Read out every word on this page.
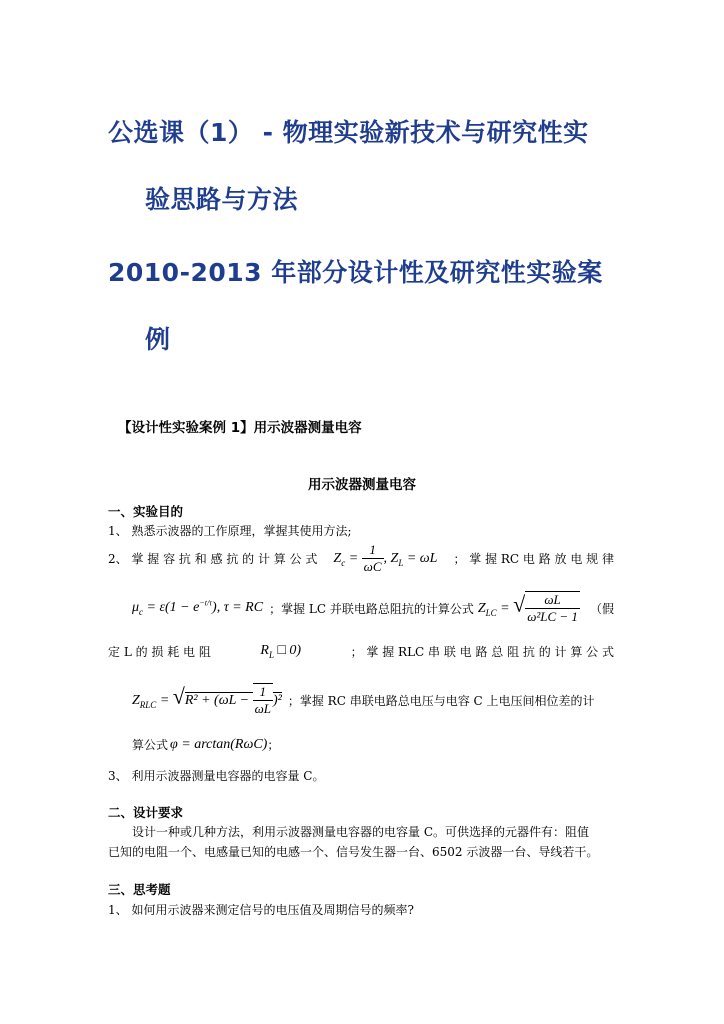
公选课（1） - 物理实验新技术与研究性实
验思路与方法
2010-2013 年部分设计性及研究性实验案
例
【设计性实验案例 1】用示波器测量电容
用示波器测量电容
一、实验目的
1、 熟悉示波器的工作原理，掌握其使用方法;
2、 掌 握 容 抗 和 感 抗 的 计 算 公 式 $Z_c = \frac{1}{\omega C}$ , $Z_L = \omega L$ ； 掌 握 RC 电 路 放 电 规 律
$\mu_c = \varepsilon(1 - e^{-t/\tau})$, τ = RC ；掌握 LC 并联电路总阻抗的计算公式 $Z_{LC}$ = √ $\frac{\omega L}{\text{ω²LC − 1}}$ （假
定 L 的 损 耗 电 阻	$R_L$ □ 0)	； 掌 握 RLC 串 联 电 路 总 阻 抗 的 计 算 公 式
$Z_{RLC} = √R^2 + (\omega L - \frac{1}{\omega L} )^2$ ；掌握 RC 串联电路总电压与电容 C 上电压间相位差的计
算公式 φ = arctan(RωC) ；
3、 利用示波器测量电容器的电容量 C。
二、设计要求
设计一种或几种方法，利用示波器测量电容器的电容量 C。可供选择的元器件有：阻值
已知的电阻一个、电感量已知的电感一个、信号发生器一台、6502 示波器一台、导线若干。
三、思考题
1、 如何用示波器来测定信号的电压值及周期信号的频率?
